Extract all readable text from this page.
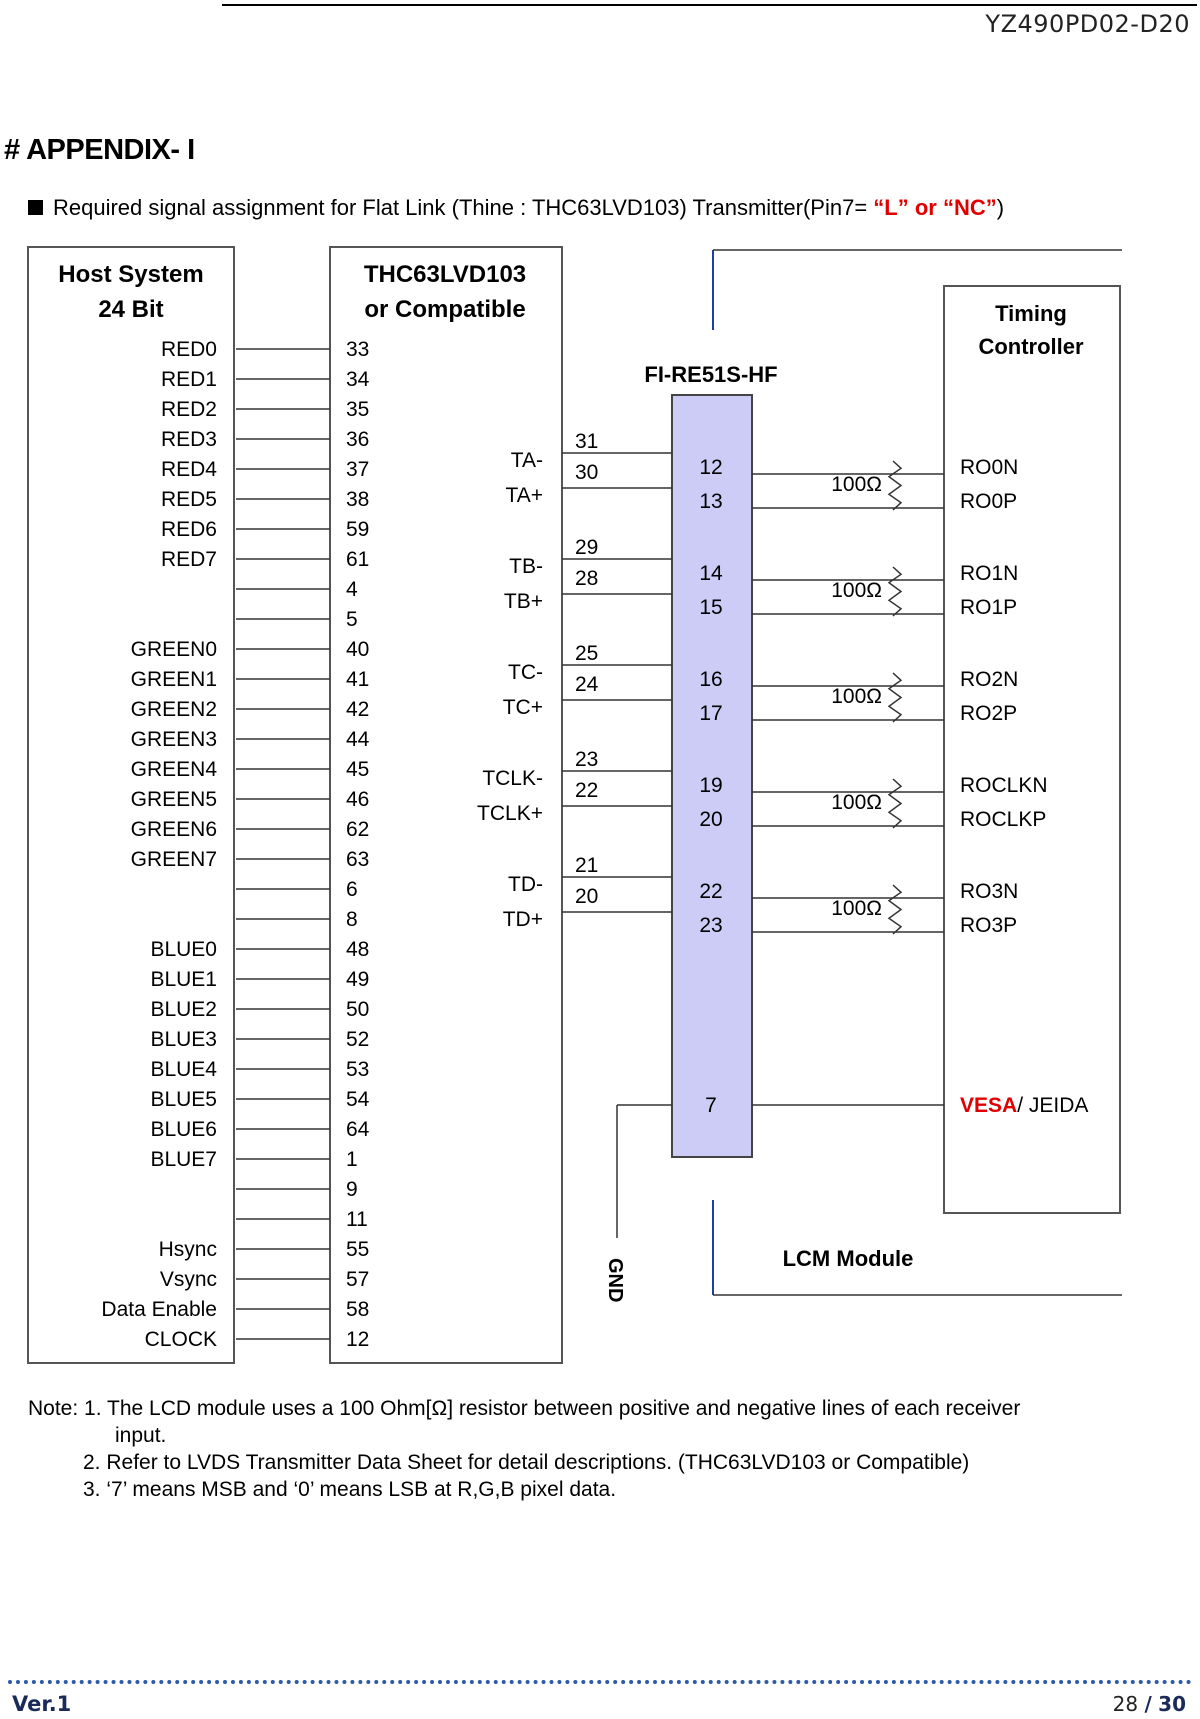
YZ490PD02-D20
# APPENDIX- I
Required signal assignment for Flat Link (Thine : THC63LVD103) Transmitter(Pin7= “L” or “NC”)
Host System
24 Bit
THC63LVD103
or Compatible
FI-RE51S-HF
Timing
Controller
LCM Module
GND
RED0	33
RED1	34
RED2	35
RED3	36
RED4	37
RED5	38
RED6	59
RED7	61
4
5
GREEN0	40
GREEN1	41
GREEN2	42
GREEN3	44
GREEN4	45
GREEN5	46
GREEN6	62
GREEN7	63
6
8
BLUE0	48
BLUE1	49
BLUE2	50
BLUE3	52
BLUE4	53
BLUE5	54
BLUE6	64
BLUE7	1
9
11
Hsync	55
Vsync	57
Data Enable	58
CLOCK	12
TA-
TA+
31
30	12
13
100Ω
RO0N
RO0P
TB-
TB+
29
28	14
15
100Ω
RO1N
RO1P
TC-
TC+
25
24	16
17
100Ω
RO2N
RO2P
TCLK-
TCLK+
23
22	19
20
100Ω
ROCLKN
ROCLKP
TD-
TD+
21
20	22
23
100Ω
RO3N
RO3P
7	VESA/ JEIDA
Note: 1. The LCD module uses a 100 Ohm[Ω] resistor between positive and negative lines of each receiver
input.
2. Refer to LVDS Transmitter Data Sheet for detail descriptions. (THC63LVD103 or Compatible)
3. ‘7’ means MSB and ‘0’ means LSB at R,G,B pixel data.
Ver.1	28 / 30
